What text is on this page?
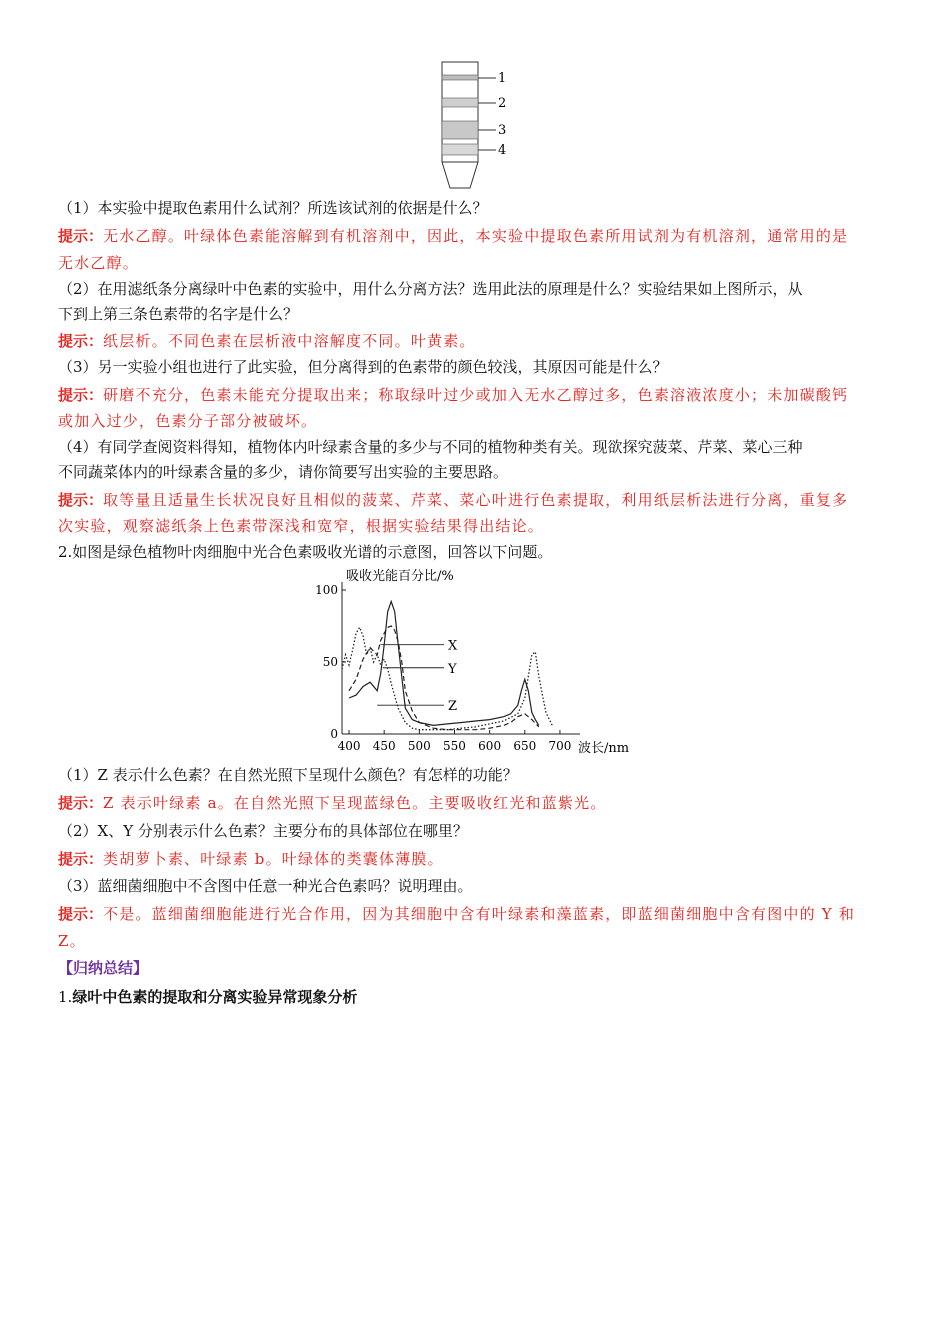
1
2
3
4
（1）本实验中提取色素用什么试剂？所选该试剂的依据是什么？
提示：无水乙醇。叶绿体色素能溶解到有机溶剂中，因此，本实验中提取色素所用试剂为有机溶剂，通常用的是
无水乙醇。
（2）在用滤纸条分离绿叶中色素的实验中，用什么分离方法？选用此法的原理是什么？实验结果如上图所示，从
下到上第三条色素带的名字是什么？
提示：纸层析。不同色素在层析液中溶解度不同。叶黄素。
（3）另一实验小组也进行了此实验，但分离得到的色素带的颜色较浅，其原因可能是什么？
提示：研磨不充分，色素未能充分提取出来；称取绿叶过少或加入无水乙醇过多，色素溶液浓度小；未加碳酸钙
或加入过少，色素分子部分被破坏。
（4）有同学查阅资料得知，植物体内叶绿素含量的多少与不同的植物种类有关。现欲探究菠菜、芹菜、菜心三种
不同蔬菜体内的叶绿素含量的多少，请你简要写出实验的主要思路。
提示：取等量且适量生长状况良好且相似的菠菜、芹菜、菜心叶进行色素提取，利用纸层析法进行分离，重复多
次实验，观察滤纸条上色素带深浅和宽窄，根据实验结果得出结论。
2.如图是绿色植物叶肉细胞中光合色素吸收光谱的示意图，回答以下问题。
吸收光能百分比/%
波长/nm
400 450 500 550 600 650 700
0
50
100
X
Y
Z
（1）Z 表示什么色素？在自然光照下呈现什么颜色？有怎样的功能？
提示：Z 表示叶绿素 a。在自然光照下呈现蓝绿色。主要吸收红光和蓝紫光。
（2）X、Y 分别表示什么色素？主要分布的具体部位在哪里？
提示：类胡萝卜素、叶绿素 b。叶绿体的类囊体薄膜。
（3）蓝细菌细胞中不含图中任意一种光合色素吗？说明理由。
提示：不是。蓝细菌细胞能进行光合作用，因为其细胞中含有叶绿素和藻蓝素，即蓝细菌细胞中含有图中的 Y 和
Z。
【归纳总结】
1.绿叶中色素的提取和分离实验异常现象分析
